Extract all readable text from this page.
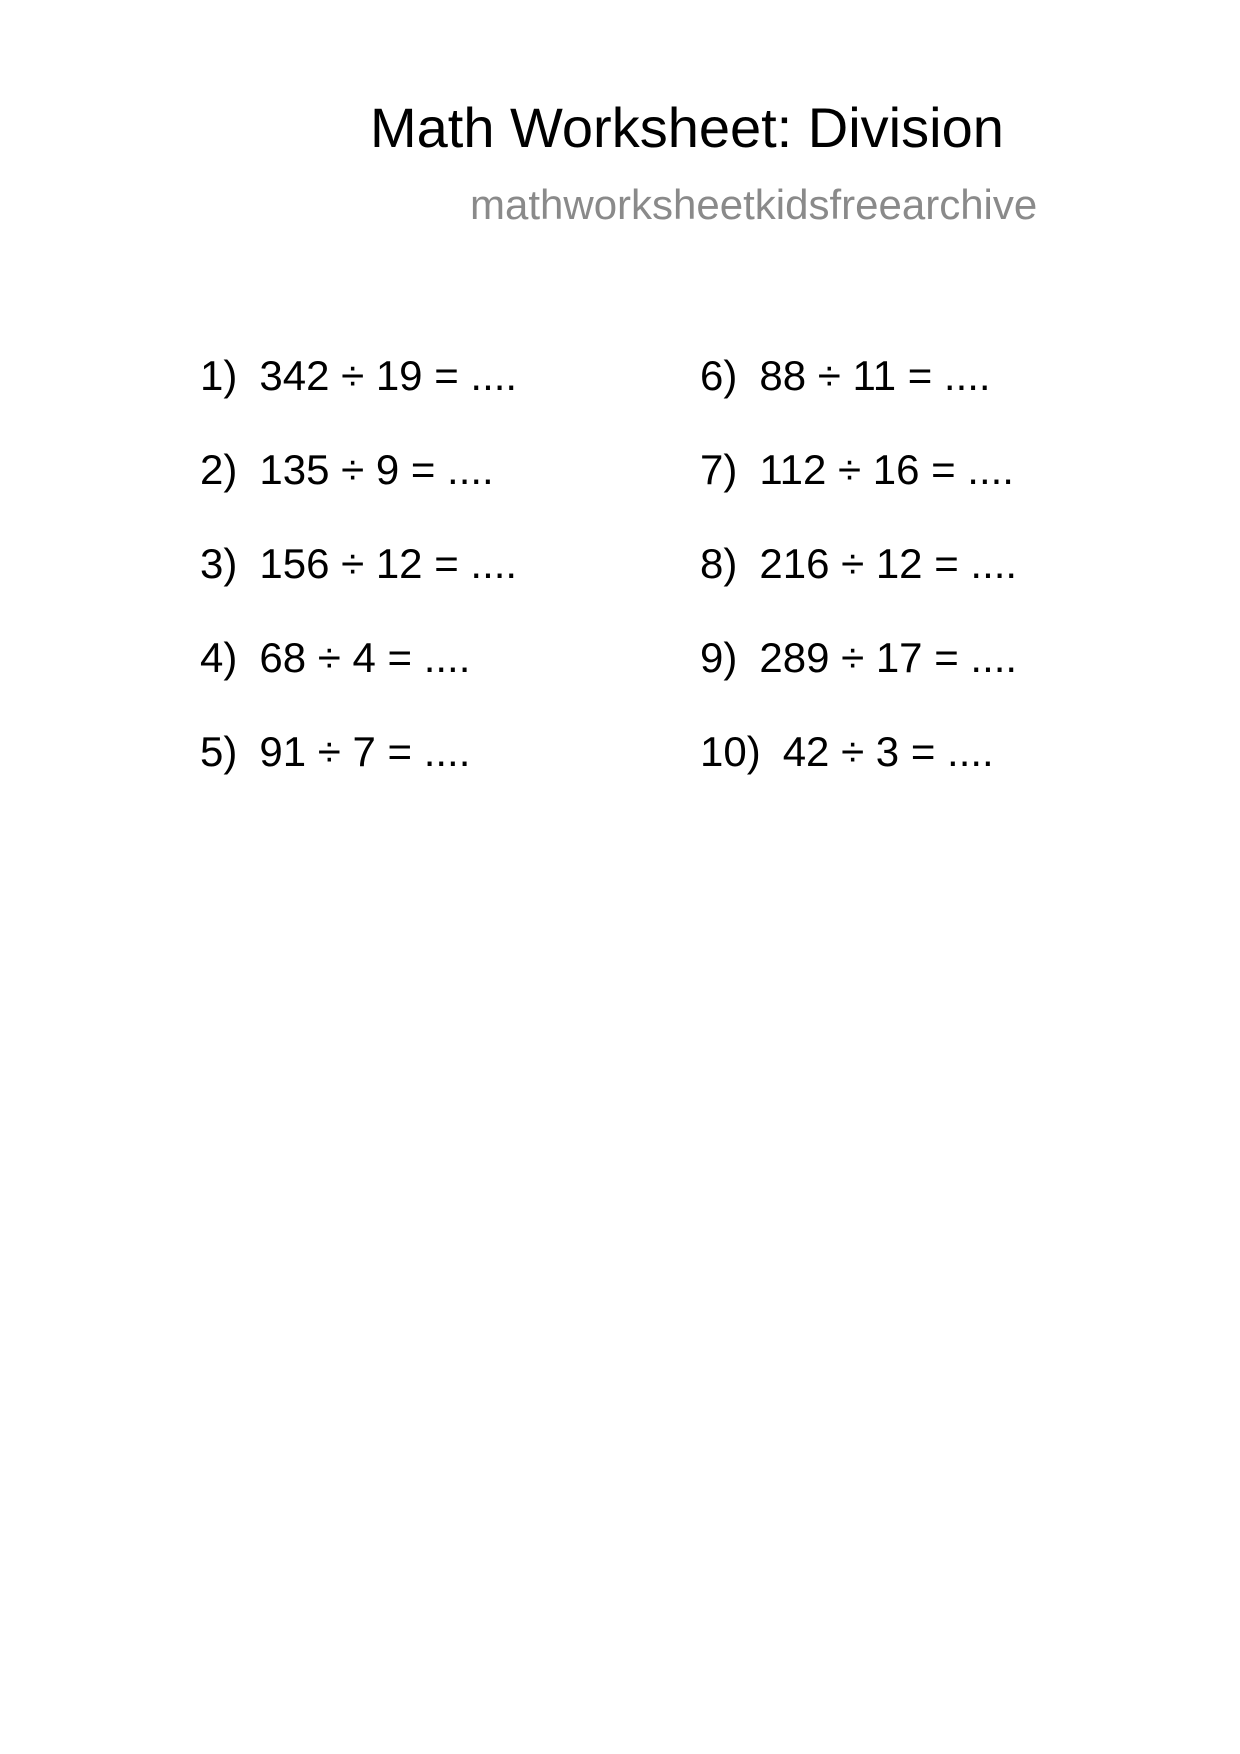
Math Worksheet: Division
mathworksheetkidsfreearchive
1) 342 ÷ 19 = ....
2) 135 ÷ 9 = ....
3) 156 ÷ 12 = ....
4) 68 ÷ 4 = ....
5) 91 ÷ 7 = ....
6) 88 ÷ 11 = ....
7) 112 ÷ 16 = ....
8) 216 ÷ 12 = ....
9) 289 ÷ 17 = ....
10) 42 ÷ 3 = ....
